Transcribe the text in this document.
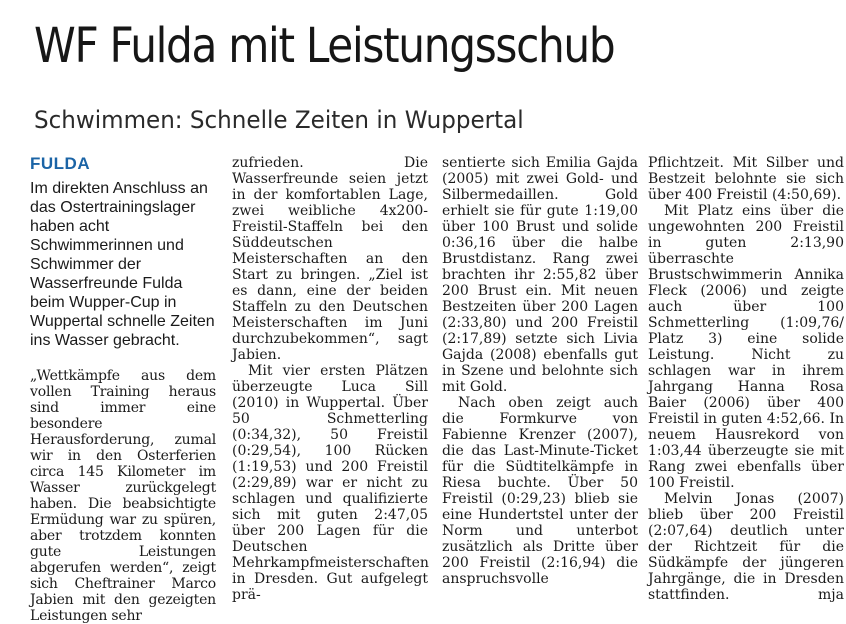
WF Fulda mit Leistungsschub
Schwimmen: Schnelle Zeiten in Wuppertal
FULDA

Im direkten Anschluss an das Ostertrainingslager haben acht Schwimmerinnen und Schwimmer der Wasserfreunde Fulda beim Wupper-Cup in Wuppertal schnelle Zeiten ins Wasser gebracht.

„Wettkämpfe aus dem vollen Training heraus sind immer eine besondere Herausforderung, zumal wir in den Osterferien circa 145 Kilometer im Wasser zurückgelegt haben. Die beabsichtigte Ermüdung war zu spüren, aber trotzdem konnten gute Leistungen abgerufen werden“, zeigt sich Cheftrainer Marco Jabien mit den gezeigten Leistungen sehr

zufrieden. Die Wasserfreunde seien jetzt in der komfortablen Lage, zwei weibliche 4x200-Freistil-Staffeln bei den Süddeutschen Meisterschaften an den Start zu bringen. „Ziel ist es dann, eine der beiden Staffeln zu den Deutschen Meisterschaften im Juni durchzubekommen“, sagt Jabien.

Mit vier ersten Plätzen überzeugte Luca Sill (2010) in Wuppertal. Über 50 Schmetterling (0:34,32), 50 Freistil (0:29,54), 100 Rücken (1:19,53) und 200 Freistil (2:29,89) war er nicht zu schlagen und qualifizierte sich mit guten 2:47,05 über 200 Lagen für die Deutschen Mehrkampfmeisterschaften in Dresden. Gut aufgelegt prä-

sentierte sich Emilia Gajda (2005) mit zwei Gold- und Silbermedaillen. Gold erhielt sie für gute 1:19,00 über 100 Brust und solide 0:36,16 über die halbe Brustdistanz. Rang zwei brachten ihr 2:55,82 über 200 Brust ein. Mit neuen Bestzeiten über 200 Lagen (2:33,80) und 200 Freistil (2:17,89) setzte sich Livia Gajda (2008) ebenfalls gut in Szene und belohnte sich mit Gold.

Nach oben zeigt auch die Formkurve von Fabienne Krenzer (2007), die das Last-Minute-Ticket für die Südtitelkämpfe in Riesa buchte. Über 50 Freistil (0:29,23) blieb sie eine Hundertstel unter der Norm und unterbot zusätzlich als Dritte über 200 Freistil (2:16,94) die anspruchsvolle

Pflichtzeit. Mit Silber und Bestzeit belohnte sie sich über 400 Freistil (4:50,69).

Mit Platz eins über die ungewohnten 200 Freistil in guten 2:13,90 überraschte Brustschwimmerin Annika Fleck (2006) und zeigte auch über 100 Schmetterling (1:09,76/ Platz 3) eine solide Leistung. Nicht zu schlagen war in ihrem Jahrgang Hanna Rosa Baier (2006) über 400 Freistil in guten 4:52,66. In neuem Hausrekord von 1:03,44 überzeugte sie mit Rang zwei ebenfalls über 100 Freistil.

Melvin Jonas (2007) blieb über 200 Freistil (2:07,64) deutlich unter der Richtzeit für die Südkämpfe der jüngeren Jahrgänge, die in Dresden stattfinden.	mja
